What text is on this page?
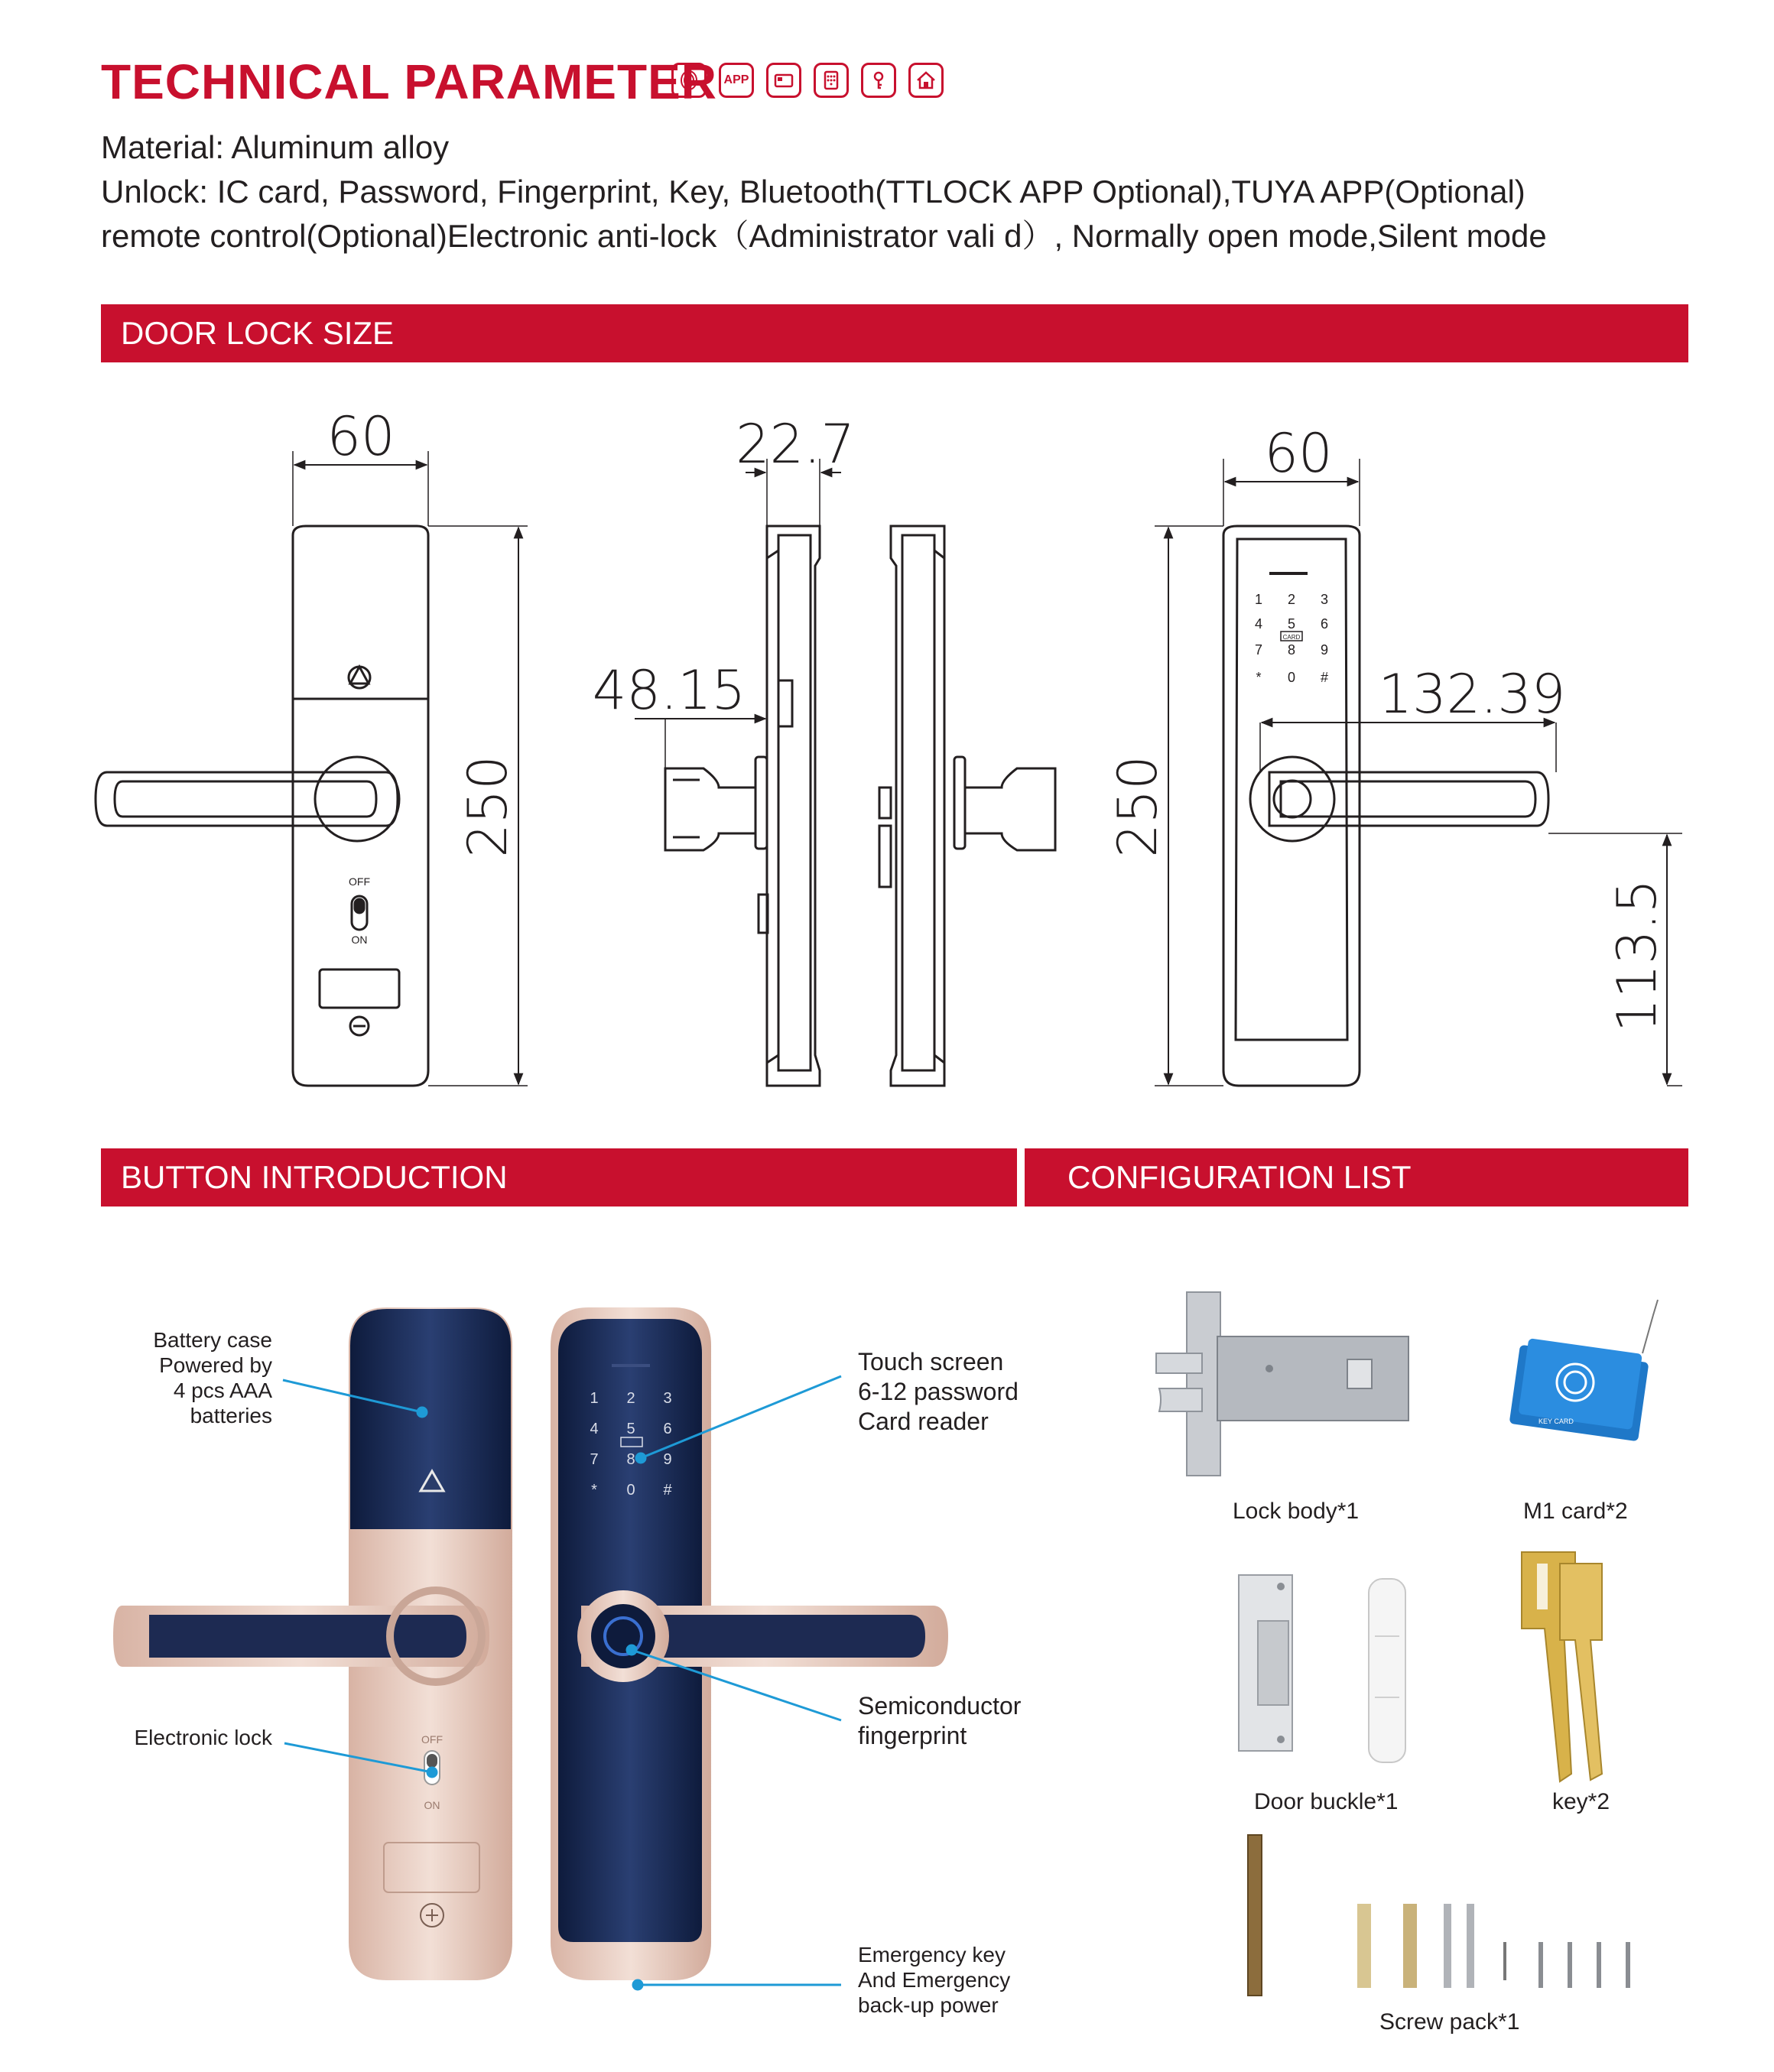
TECHNICAL PARAMETER APP
Material: Aluminum alloy
Unlock: IC card, Password, Fingerprint, Key, Bluetooth(TTLOCK APP Optional),TUYA APP(Optional)
remote control(Optional)Electronic anti-lock（Administrator vali d）, Normally open mode,Silent mode
DOOR LOCK SIZE
BUTTON INTRODUCTION	CONFIGURATION LIST
60
250
22.7
48.15
60
250
132.39
113.5
OFF
ON
1 2 3
4 5 6
7 8 9
* 0 #
CARD
OFF
ON
1 2 3
4 5 6
7 8 9
* 0 #
Battery case
Powered by
4 pcs AAA batteries
Electronic lock
Touch screen
6-12 password
Card reader
Semiconductor
fingerprint
Emergency key
And Emergency
back-up power
KEY CARD
Lock body*1	M1 card*2
Door buckle*1	key*2
Screw pack*1
